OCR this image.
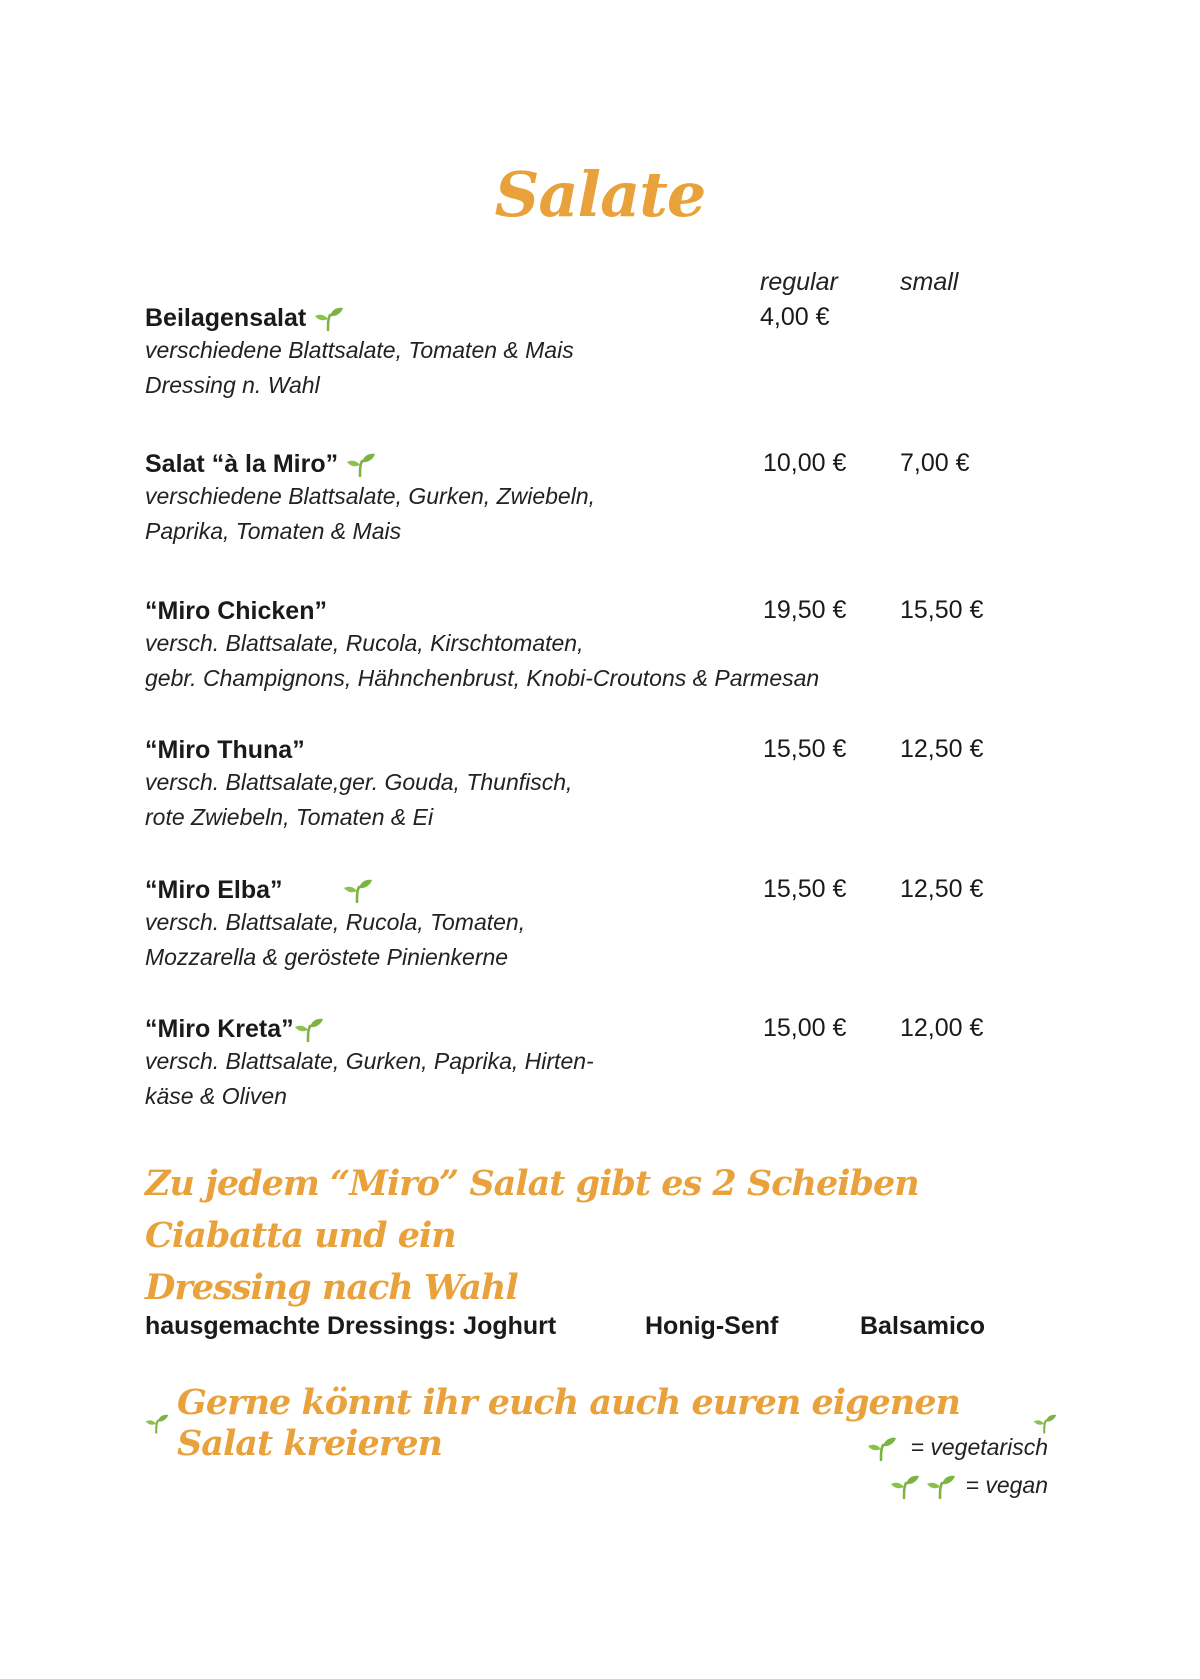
Salate
regular small
Beilagensalat
verschiedene Blattsalate, Tomaten & Mais
Dressing n. Wahl
4,00 €
Salat “à la Miro”
verschiedene Blattsalate, Gurken, Zwiebeln,
Paprika, Tomaten & Mais
10,00 € 7,00 €
“Miro Chicken”
versch. Blattsalate, Rucola, Kirschtomaten,
gebr. Champignons, Hähnchenbrust, Knobi-Croutons & Parmesan
19,50 € 15,50 €
“Miro Thuna”
versch. Blattsalate,ger. Gouda, Thunfisch,
rote Zwiebeln, Tomaten & Ei
15,50 € 12,50 €
“Miro Elba”
versch. Blattsalate, Rucola, Tomaten,
Mozzarella & geröstete Pinienkerne
15,50 € 12,50 €
“Miro Kreta”
versch. Blattsalate, Gurken, Paprika, Hirten-
käse & Oliven
15,00 € 12,00 €
Zu jedem “Miro” Salat gibt es 2 Scheiben Ciabatta und ein
Dressing nach Wahl
hausgemachte Dressings: Joghurt	Honig-Senf	Balsamico
Gerne könnt ihr euch auch euren eigenen Salat kreieren	= vegetarisch
= vegan
